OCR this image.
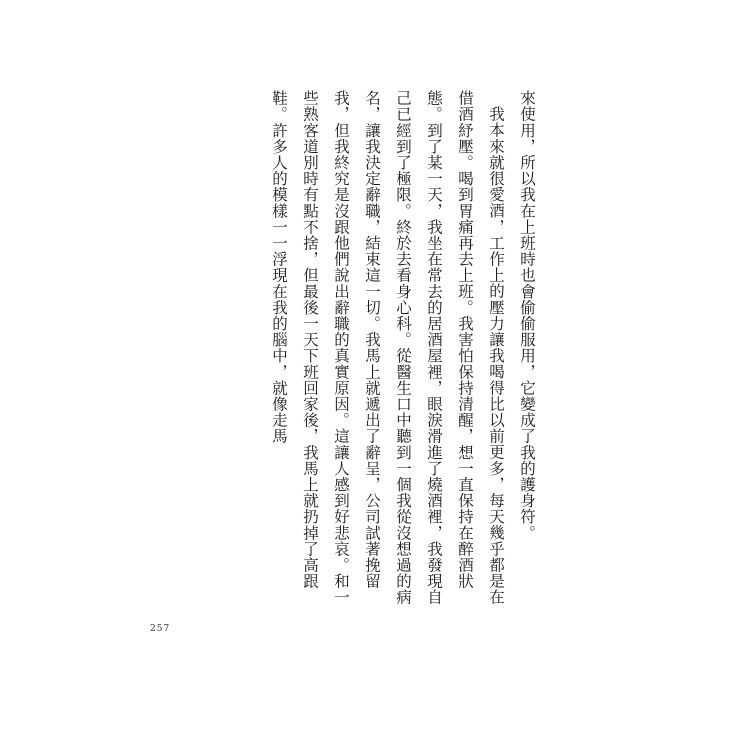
來使用，所以我在上班時也會偷偷服用，它變成了我的護身符。

我本來就很愛酒，工作上的壓力讓我喝得比以前更多，每天幾乎都是在借酒紓壓。喝到胃痛再去上班。我害怕保持清醒，想一直保持在醉酒狀態。到了某一天，我坐在常去的居酒屋裡，眼淚滑進了燒酒裡，我發現自己已經到了極限。終於去看身心科。從醫生口中聽到一個我從沒想過的病名，讓我決定辭職，結束這一切。我馬上就遞出了辭呈，公司試著挽留我，但我終究是沒跟他們說出辭職的真實原因。這讓人感到好悲哀。和一些熟客道別時有點不捨，但最後一天下班回家後，我馬上就扔掉了高跟鞋。許多人的模樣一一浮現在我的腦中，就像走馬

257
